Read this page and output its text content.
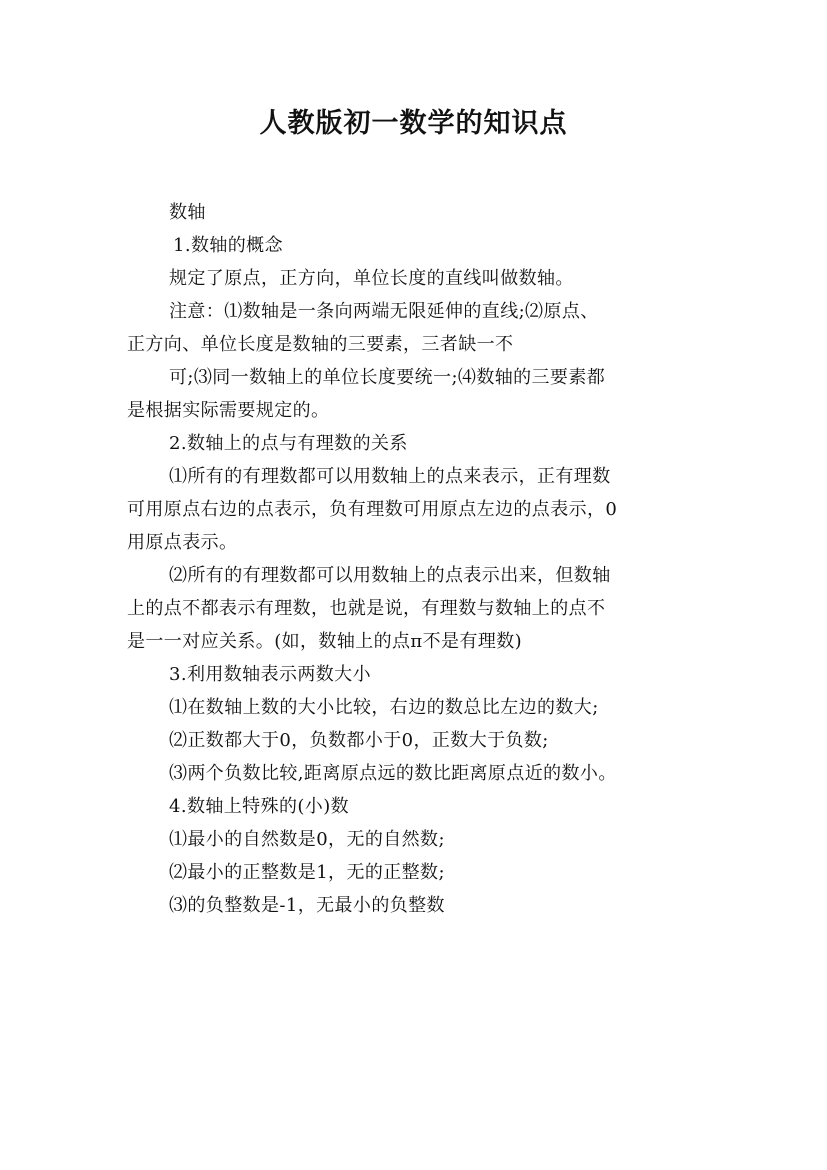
人教版初一数学的知识点

数轴

1.数轴的概念

规定了原点，正方向，单位长度的直线叫做数轴。

注意：⑴数轴是一条向两端无限延伸的直线;⑵原点、

正方向、单位长度是数轴的三要素，三者缺一不

可;⑶同一数轴上的单位长度要统一;⑷数轴的三要素都

是根据实际需要规定的。

2.数轴上的点与有理数的关系

⑴所有的有理数都可以用数轴上的点来表示，正有理数

可用原点右边的点表示，负有理数可用原点左边的点表示，0

用原点表示。

⑵所有的有理数都可以用数轴上的点表示出来，但数轴

上的点不都表示有理数，也就是说，有理数与数轴上的点不

是一一对应关系。(如，数轴上的点π不是有理数)

3.利用数轴表示两数大小

⑴在数轴上数的大小比较，右边的数总比左边的数大;

⑵正数都大于0，负数都小于0，正数大于负数;

⑶两个负数比较,距离原点远的数比距离原点近的数小。

4.数轴上特殊的(小)数

⑴最小的自然数是0，无的自然数;

⑵最小的正整数是1，无的正整数;

⑶的负整数是-1，无最小的负整数
